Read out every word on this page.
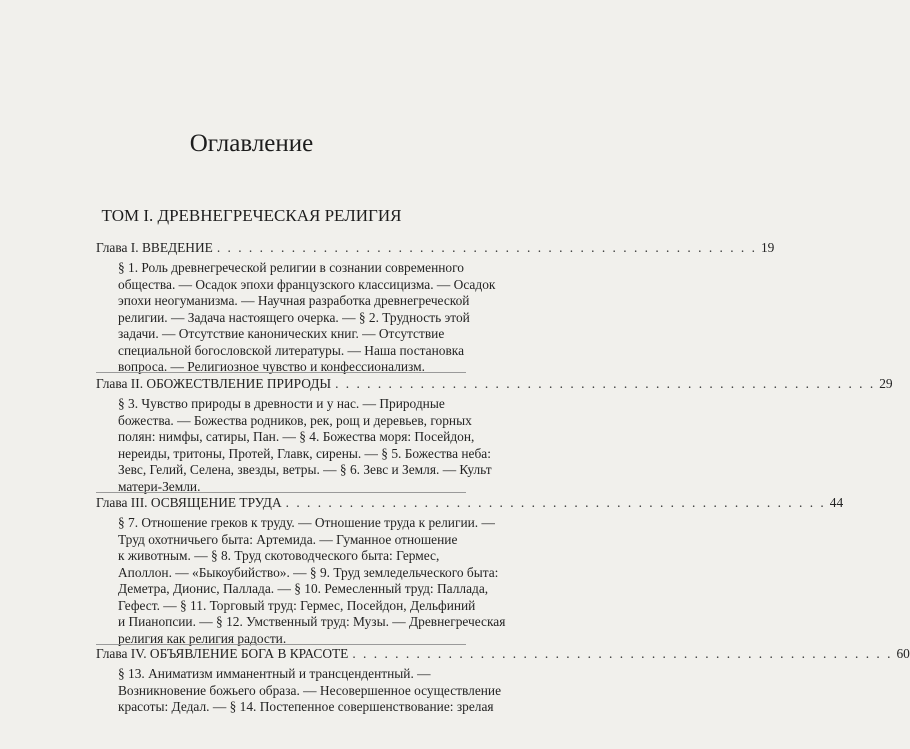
Оглавление
ТОМ I. ДРЕВНЕГРЕЧЕСКАЯ РЕЛИГИЯ
Глава I. ВВЕДЕНИЕ . . . . . . . . . . . . . . . . . . . . . . . . . . . . . . . . . . . . . . . . . . . . . . . . . . . 19
§ 1. Роль древнегреческой религии в сознании современного
общества. — Осадок эпохи французского классицизма. — Осадок
эпохи неогуманизма. — Научная разработка древнегреческой
религии. — Задача настоящего очерка. — § 2. Трудность этой
задачи. — Отсутствие канонических книг. — Отсутствие
специальной богословской литературы. — Наша постановка
вопроса. — Религиозное чувство и конфессионализм.
Глава II. ОБОЖЕСТВЛЕНИЕ ПРИРОДЫ . . . . . . . . . . . . . . . . . . . . . . . . . . . . . . . . . . . . . . . . . . . . . . . . . . . 29
§ 3. Чувство природы в древности и у нас. — Природные
божества. — Божества родников, рек, рощ и деревьев, горных
полян: нимфы, сатиры, Пан. — § 4. Божества моря: Посейдон,
нереиды, тритоны, Протей, Главк, сирены. — § 5. Божества неба:
Зевс, Гелий, Селена, звезды, ветры. — § 6. Зевс и Земля. — Культ
матери-Земли.
Глава III. ОСВЯЩЕНИЕ ТРУДА . . . . . . . . . . . . . . . . . . . . . . . . . . . . . . . . . . . . . . . . . . . . . . . . . . . 44
§ 7. Отношение греков к труду. — Отношение труда к религии. —
Труд охотничьего быта: Артемида. — Гуманное отношение
к животным. — § 8. Труд скотоводческого быта: Гермес,
Аполлон. — «Быкоубийство». — § 9. Труд земледельческого быта:
Деметра, Дионис, Паллада. — § 10. Ремесленный труд: Паллада,
Гефест. — § 11. Торговый труд: Гермес, Посейдон, Дельфиний
и Пианопсии. — § 12. Умственный труд: Музы. — Древнегреческая
религия как религия радости.
Глава IV. ОБЪЯВЛЕНИЕ БОГА В КРАСОТЕ . . . . . . . . . . . . . . . . . . . . . . . . . . . . . . . . . . . . . . . . . . . . . . . . . . . 60
§ 13. Аниматизм имманентный и трансцендентный. —
Возникновение божьего образа. — Несовершенное осуществление
красоты: Дедал. — § 14. Постепенное совершенствование: зрелая
